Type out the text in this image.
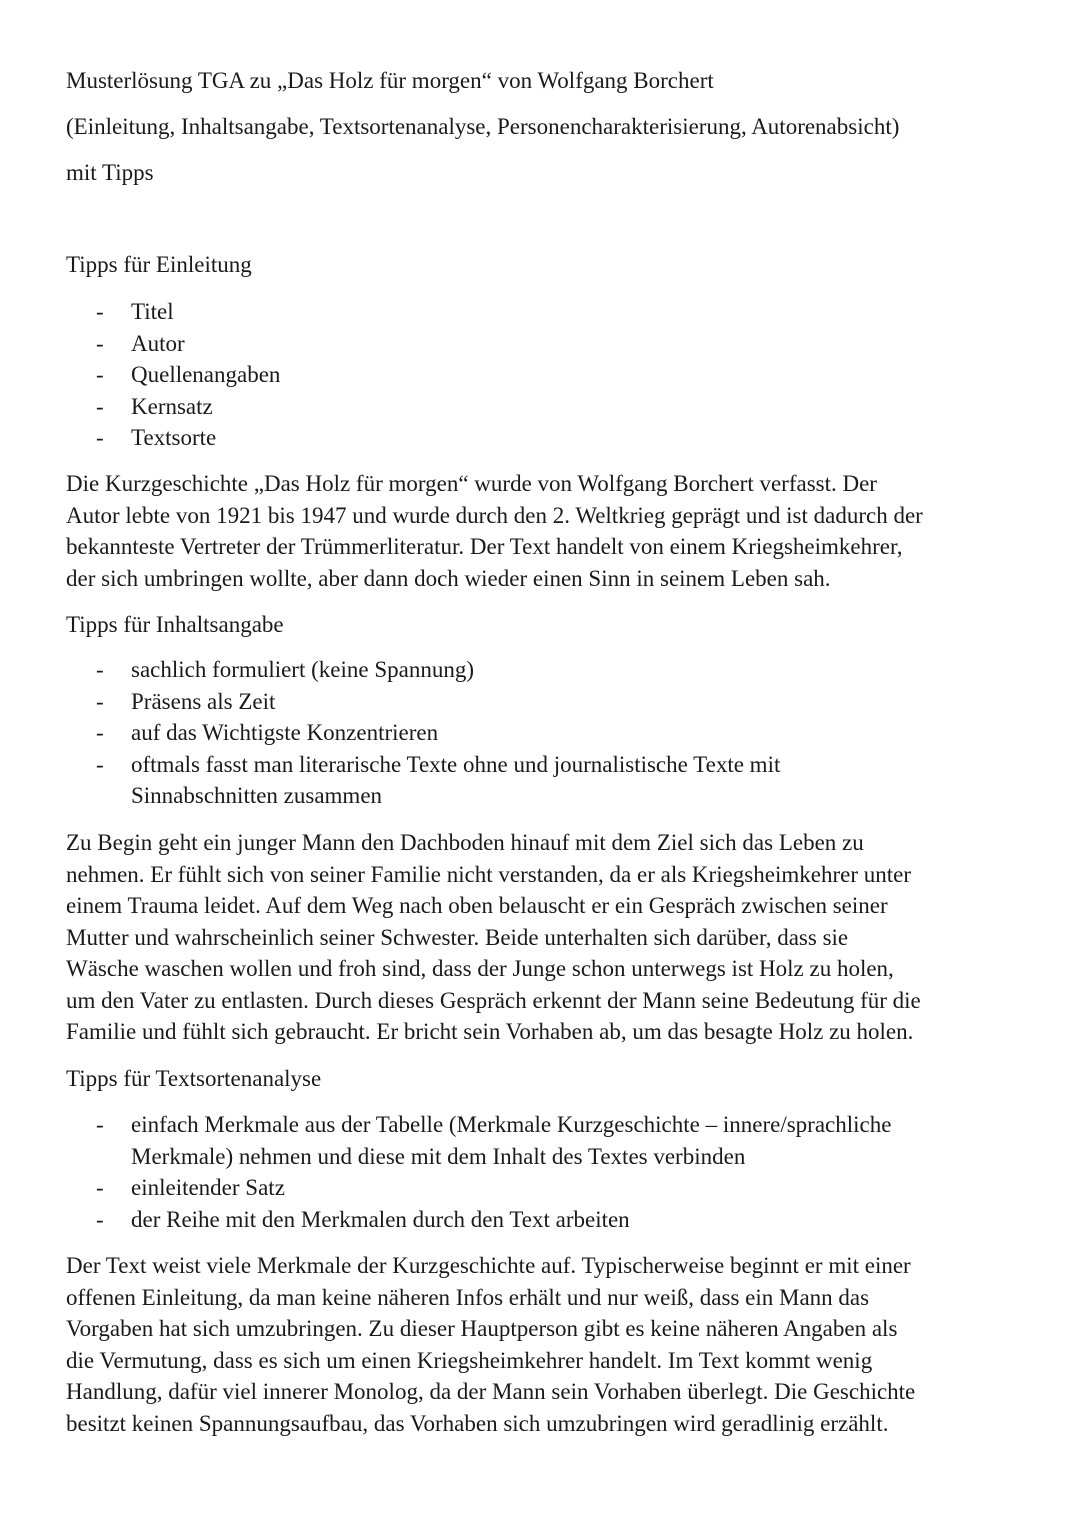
Musterlösung TGA zu „Das Holz für morgen“ von Wolfgang Borchert
(Einleitung, Inhaltsangabe, Textsortenanalyse, Personencharakterisierung, Autorenabsicht)
mit Tipps
Tipps für Einleitung
- Titel
- Autor
- Quellenangaben
- Kernsatz
- Textsorte
Die Kurzgeschichte „Das Holz für morgen“ wurde von Wolfgang Borchert verfasst. Der
Autor lebte von 1921 bis 1947 und wurde durch den 2. Weltkrieg geprägt und ist dadurch der
bekannteste Vertreter der Trümmerliteratur. Der Text handelt von einem Kriegsheimkehrer,
der sich umbringen wollte, aber dann doch wieder einen Sinn in seinem Leben sah.
Tipps für Inhaltsangabe
- sachlich formuliert (keine Spannung)
- Präsens als Zeit
- auf das Wichtigste Konzentrieren
- oftmals fasst man literarische Texte ohne und journalistische Texte mit
Sinnabschnitten zusammen
Zu Begin geht ein junger Mann den Dachboden hinauf mit dem Ziel sich das Leben zu
nehmen. Er fühlt sich von seiner Familie nicht verstanden, da er als Kriegsheimkehrer unter
einem Trauma leidet. Auf dem Weg nach oben belauscht er ein Gespräch zwischen seiner
Mutter und wahrscheinlich seiner Schwester. Beide unterhalten sich darüber, dass sie
Wäsche waschen wollen und froh sind, dass der Junge schon unterwegs ist Holz zu holen,
um den Vater zu entlasten. Durch dieses Gespräch erkennt der Mann seine Bedeutung für die
Familie und fühlt sich gebraucht. Er bricht sein Vorhaben ab, um das besagte Holz zu holen.
Tipps für Textsortenanalyse
- einfach Merkmale aus der Tabelle (Merkmale Kurzgeschichte – innere/sprachliche
Merkmale) nehmen und diese mit dem Inhalt des Textes verbinden
- einleitender Satz
- der Reihe mit den Merkmalen durch den Text arbeiten
Der Text weist viele Merkmale der Kurzgeschichte auf. Typischerweise beginnt er mit einer
offenen Einleitung, da man keine näheren Infos erhält und nur weiß, dass ein Mann das
Vorgaben hat sich umzubringen. Zu dieser Hauptperson gibt es keine näheren Angaben als
die Vermutung, dass es sich um einen Kriegsheimkehrer handelt. Im Text kommt wenig
Handlung, dafür viel innerer Monolog, da der Mann sein Vorhaben überlegt. Die Geschichte
besitzt keinen Spannungsaufbau, das Vorhaben sich umzubringen wird geradlinig erzählt.
